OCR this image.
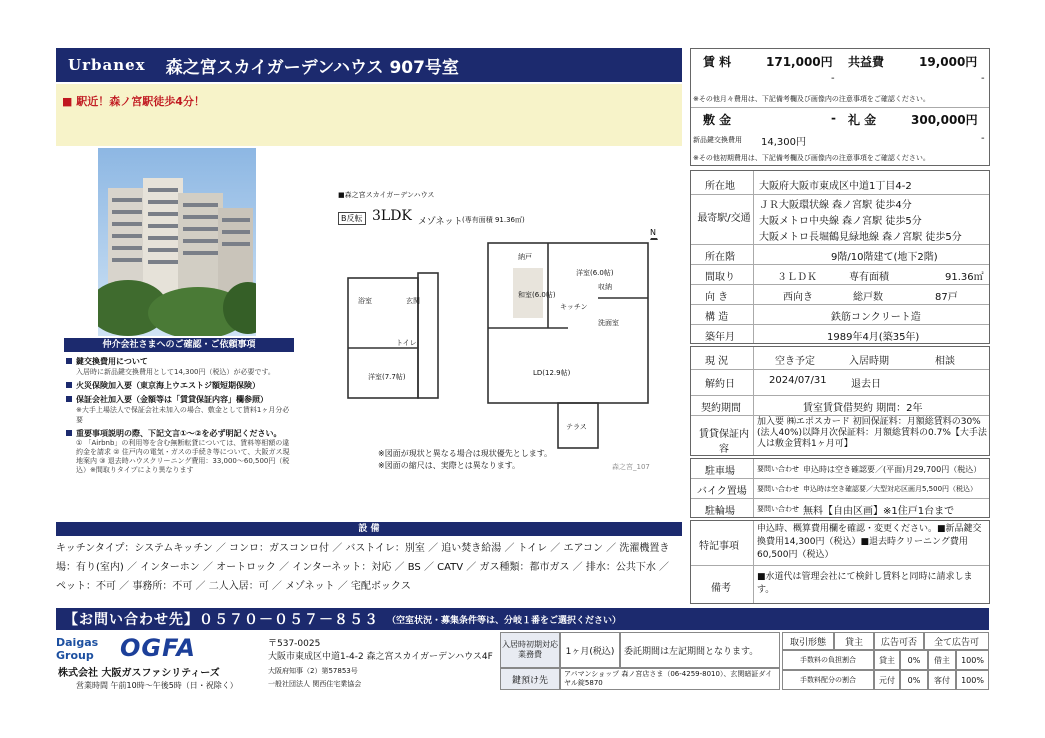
Urbanex 森之宮スカイガーデンハウス 907号室
■ 駅近！森ノ宮駅徒歩4分！
仲介会社さまへのご確認・ご依頼事項
鍵交換費用について
入居時に新品鍵交換費用として14,300円（税込）が必要です。
火災保険加入要（東京海上ウエストジ額短期保険）
保証会社加入要（金額等は「賃貸保証内容」欄参照）
※大手上場法人で保証会社未加入の場合、敷金として賃料1ヶ月分必要
重要事項説明の際、下記文言①～②を必ず明記ください。
① 「Airbnb」の利用等を含む無断転貸については、賃料等相額の違約金を請求 ② 住戸内の電気・ガスの手続き等について、大阪ガス現地案内 ③ 退去時ハウスクリーニング費用：33,000～60,500円（税込）※間取りタイプにより異なります
■森之宮スカイガーデンハウス
B反転 3LDK メゾネット (専有面積 91.36㎡)
N
洋室(7.7帖)	LD(12.9帖)
和室(6.0帖)
洋室(6.0帖)
玄関
洗面室
トイレ
浴室
テラス
納戸
収納
キッチン
※図面が現状と異なる場合は現状優先とします。
※図面の縮尺は、実際とは異なります。	森之宮_107
設 備
キッチンタイプ：システムキッチン ／ コンロ：ガスコンロ付 ／ バストイレ：別室 ／ 追い焚き給湯 ／ トイレ ／ エアコン ／ 洗濯機置き場：有り(室内) ／ インターホン ／ オートロック ／ インターネット：対応 ／ BS ／ CATV ／ ガス種類：都市ガス ／ 排水：公共下水 ／ ペット：不可 ／ 事務所：不可 ／ 二人入居：可 ／ メゾネット ／ 宅配ボックス
【お問い合わせ先】０５７０－０５７－８５３ （空室状況・募集条件等は、分岐１番をご選択ください）
Daigas Group	OGFA
株式会社 大阪ガスファシリティーズ
営業時間 午前10時～午後5時（日・祝除く）
〒537-0025
大阪市東成区中道1-4-2 森之宮スカイガーデンハウス4F
大阪府知事（2）第57853号
一般社団法人 関西住宅業協会
入居時初期対応業務費	1ヶ月(税込)	委託期間は左記期間となります。
鍵預け先
アパマンショップ 森ノ宮店さま（06-4259-8010）、玄関暗証ダイヤル錠5870
取引形態	貸主	広告可否	全て広告可
手数料の負担割合	貸主	0%	借主	100%
手数料配分の割合	元付	0%	客付	100%
賃 料	171,000円 共益費	19,000円
-	-
※その他月々費用は、下記備考欄及び画像内の注意事項をご確認ください。
敷 金	- 礼 金	300,000円
新品鍵交換費用 14,300円	-
※その他初期費用は、下記備考欄及び画像内の注意事項をご確認ください。
所在地 大阪府大阪市東成区中道1丁目4-2
最寄駅/交通
ＪＲ大阪環状線 森ノ宮駅 徒歩4分
大阪メトロ中央線 森ノ宮駅 徒歩5分
大阪メトロ長堀鶴見緑地線 森ノ宮駅 徒歩5分
所在階	9階/10階建て(地下2階)
間取り	３ＬＤＫ	専有面積	91.36㎡
向 き	西向き	総戸数	87戸
構 造	鉄筋コンクリート造
築年月	1989年4月(築35年)
現 況	空き予定	入居時期	相談
解約日	2024/07/31 退去日
契約期間	賃室賃貸借契約 期間：2年
賃貸保証内容
加入要 ㈱エポスカード 初回保証料：月額総賃料の30%(法人40%)以降月次保証料：月額総賃料の0.7%【大手法人は敷金賃料1ヶ月可】
駐車場	要問い合わせ 申込時は空き確認要／(平面)月29,700円（税込）
バイク置場 要問い合わせ 申込時は空き確認要／大型対応区画月5,500円（税込）
駐輪場	要問い合わせ 無料【自由区画】※1住戸1台まで
特記事項
申込時、概算費用欄を確認・変更ください。■新品鍵交換費用14,300円（税込）■退去時クリーニング費用60,500円（税込）
備考
■水道代は管理会社にて検針し賃料と同時に請求します。
